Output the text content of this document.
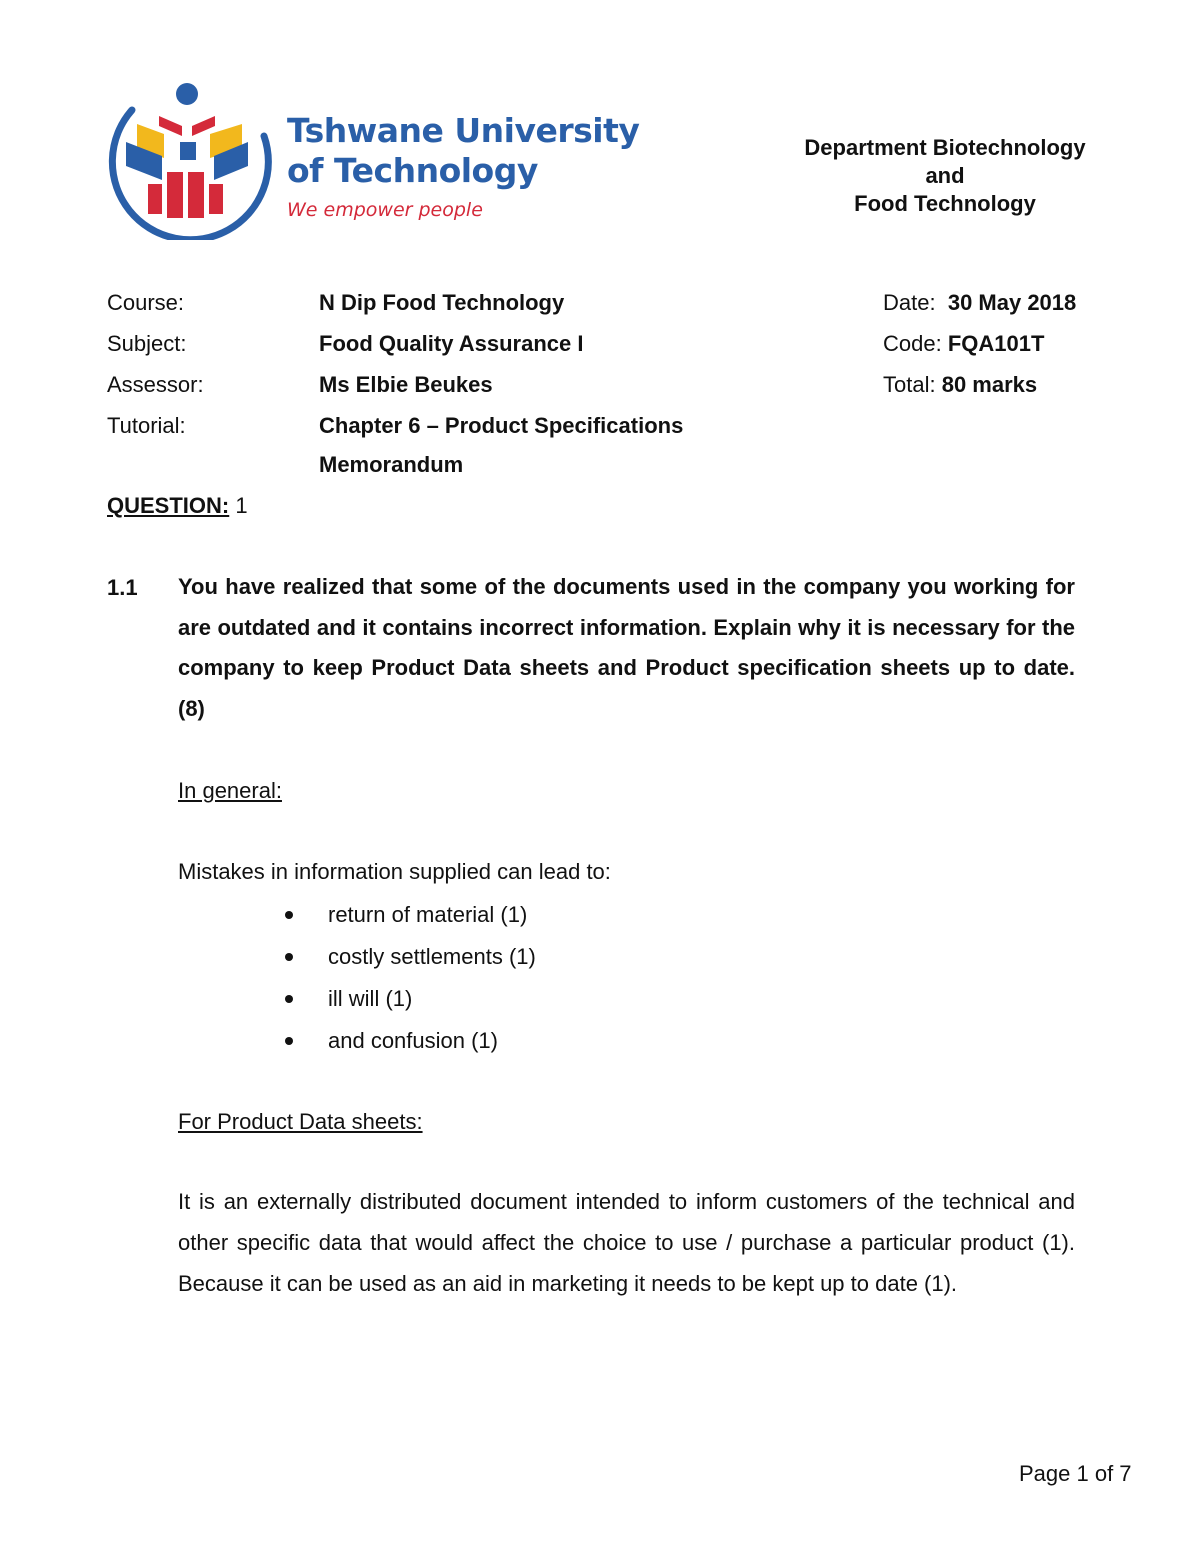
Tshwane University
of Technology
We empower people
Department Biotechnology
and
Food Technology
Course:	N Dip Food Technology
Subject:	Food Quality Assurance I
Assessor:	Ms Elbie Beukes
Tutorial:	Chapter 6 – Product Specifications
Memorandum
Date: 30 May 2018
Code: FQA101T
Total: 80 marks
QUESTION: 1
1.1 You have realized that some of the documents used in the company you working for are outdated and it contains incorrect information. Explain why it is necessary for the company to keep Product Data sheets and Product specification sheets up to date. (8)
In general:
Mistakes in information supplied can lead to:
return of material (1)
costly settlements (1)
ill will (1)
and confusion (1)
For Product Data sheets:
It is an externally distributed document intended to inform customers of the technical and other specific data that would affect the choice to use / purchase a particular product (1). Because it can be used as an aid in marketing it needs to be kept up to date (1).
Page 1 of 7
